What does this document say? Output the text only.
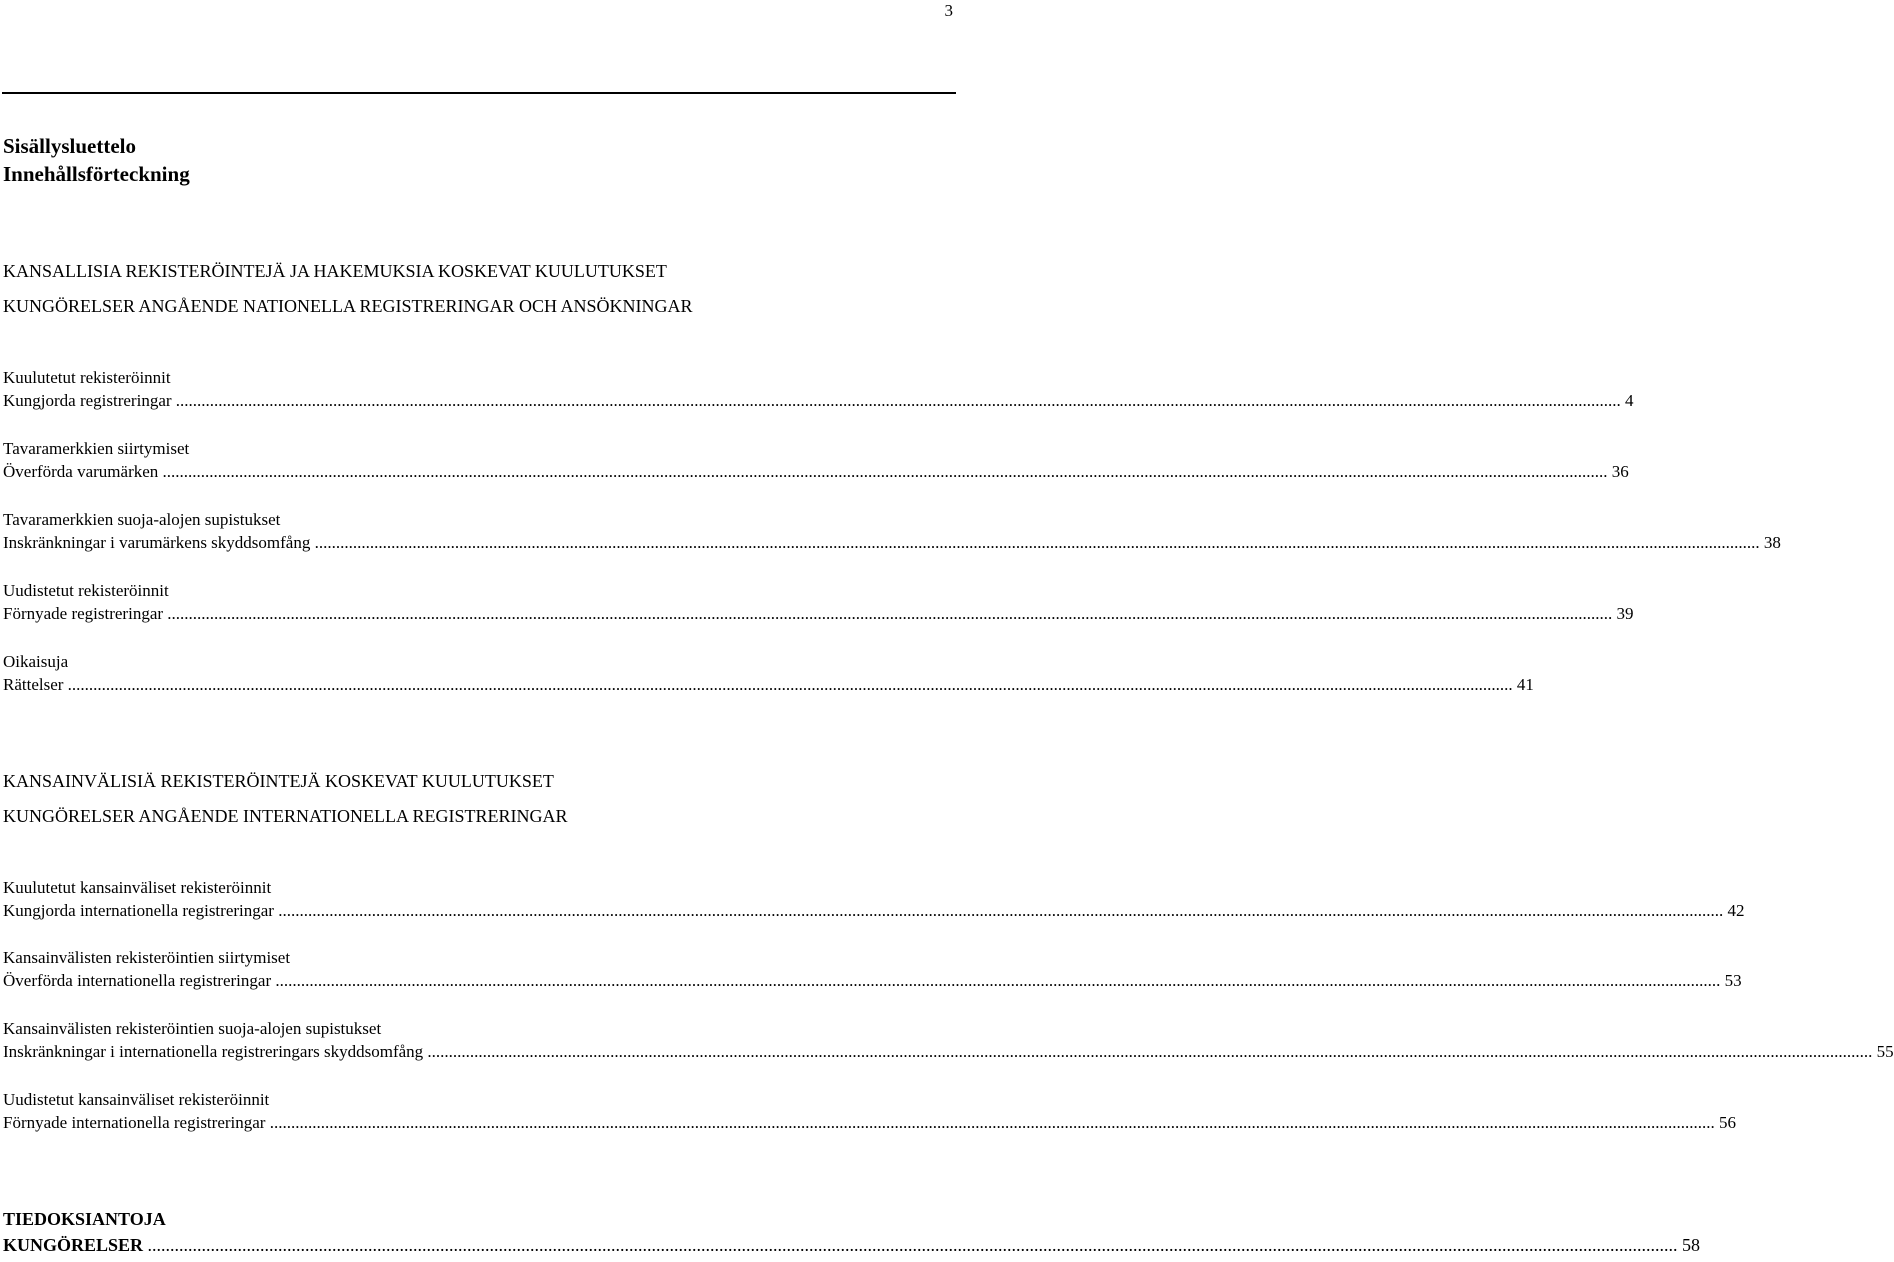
3
Sisällysluettelo
Innehållsförteckning
KANSALLISIA REKISTERÖINTEJÄ JA HAKEMUKSIA KOSKEVAT KUULUTUKSET
KUNGÖRELSER ANGÅENDE NATIONELLA REGISTRERINGAR OCH ANSÖKNINGAR
Kuulutetut rekisteröinnit
Kungjorda registreringar .....	4
Tavaramerkkien siirtymiset
Överförda varumärken .....	36
Tavaramerkkien suoja-alojen supistukset
Inskränkningar i varumärkens skyddsomfång .....	38
Uudistetut rekisteröinnit
Förnyade registreringar .....	39
Oikaisuja
Rättelser .....	41
KANSAINVÄLISIÄ REKISTERÖINTEJÄ KOSKEVAT KUULUTUKSET
KUNGÖRELSER ANGÅENDE INTERNATIONELLA REGISTRERINGAR
Kuulutetut kansainväliset rekisteröinnit
Kungjorda internationella registreringar .....	42
Kansainvälisten rekisteröintien siirtymiset
Överförda internationella registreringar .....	53
Kansainvälisten rekisteröintien suoja-alojen supistukset
Inskränkningar i internationella registreringars skyddsomfång .....	55
Uudistetut kansainväliset rekisteröinnit
Förnyade internationella registreringar .....	56
TIEDOKSIANTOJA
KUNGÖRELSER .....	58
